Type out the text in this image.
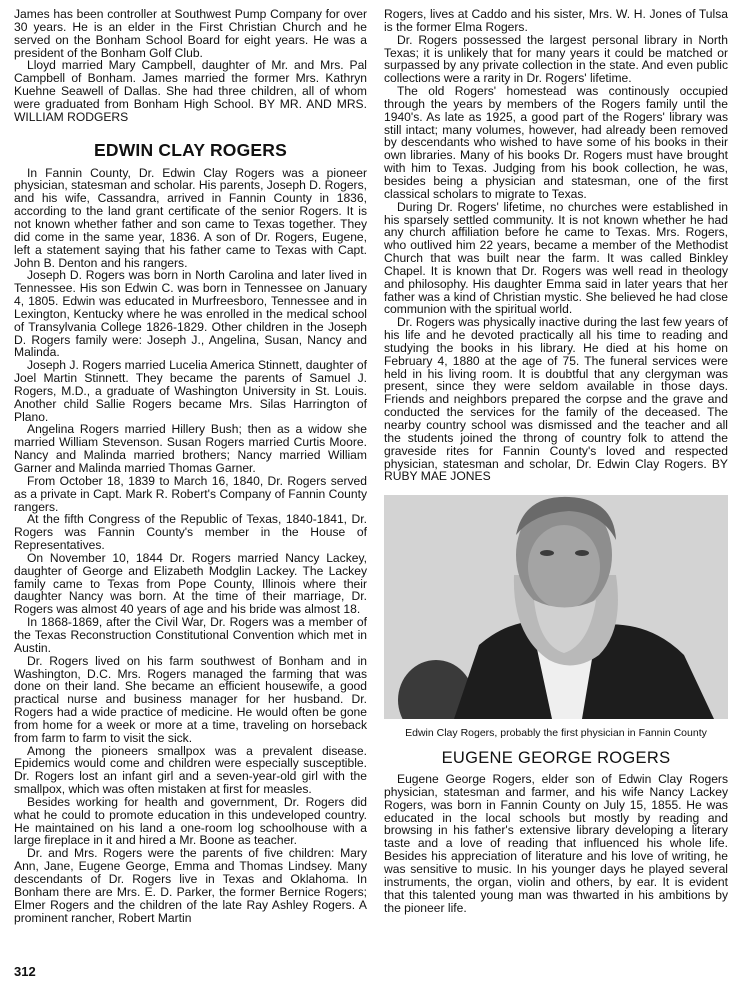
James has been controller at Southwest Pump Company for over 30 years. He is an elder in the First Christian Church and he served on the Bonham School Board for eight years. He was a president of the Bonham Golf Club.

Lloyd married Mary Campbell, daughter of Mr. and Mrs. Pal Campbell of Bonham. James married the former Mrs. Kathryn Kuehne Seawell of Dallas. She had three children, all of whom were graduated from Bonham High School. BY MR. AND MRS. WILLIAM RODGERS

EDWIN CLAY ROGERS

In Fannin County, Dr. Edwin Clay Rogers was a pioneer physician, statesman and scholar. His parents, Joseph D. Rogers, and his wife, Cassandra, arrived in Fannin County in 1836, according to the land grant certificate of the senior Rogers. It is not known whether father and son came to Texas together. They did come in the same year, 1836. A son of Dr. Rogers, Eugene, left a statement saying that his father came to Texas with Capt. John B. Denton and his rangers.

Joseph D. Rogers was born in North Carolina and later lived in Tennessee. His son Edwin C. was born in Tennessee on January 4, 1805. Edwin was educated in Murfreesboro, Tennessee and in Lexington, Kentucky where he was enrolled in the medical school of Transylvania College 1826-1829. Other children in the Joseph D. Rogers family were: Joseph J., Angelina, Susan, Nancy and Malinda.

Joseph J. Rogers married Lucelia America Stinnett, daughter of Joel Martin Stinnett. They became the parents of Samuel J. Rogers, M.D., a graduate of Washington University in St. Louis. Another child Sallie Rogers became Mrs. Silas Harrington of Plano.

Angelina Rogers married Hillery Bush; then as a widow she married William Stevenson. Susan Rogers married Curtis Moore. Nancy and Malinda married brothers; Nancy married William Garner and Malinda married Thomas Garner.

From October 18, 1839 to March 16, 1840, Dr. Rogers served as a private in Capt. Mark R. Robert's Company of Fannin County rangers.

At the fifth Congress of the Republic of Texas, 1840-1841, Dr. Rogers was Fannin County's member in the House of Representatives.

On November 10, 1844 Dr. Rogers married Nancy Lackey, daughter of George and Elizabeth Modglin Lackey. The Lackey family came to Texas from Pope County, Illinois where their daughter Nancy was born. At the time of their marriage, Dr. Rogers was almost 40 years of age and his bride was almost 18.

In 1868-1869, after the Civil War, Dr. Rogers was a member of the Texas Reconstruction Constitutional Convention which met in Austin.

Dr. Rogers lived on his farm southwest of Bonham and in Washington, D.C. Mrs. Rogers managed the farming that was done on their land. She became an efficient housewife, a good practical nurse and business manager for her husband. Dr. Rogers had a wide practice of medicine. He would often be gone from home for a week or more at a time, traveling on horseback from farm to farm to visit the sick.

Among the pioneers smallpox was a prevalent disease. Epidemics would come and children were especially susceptible. Dr. Rogers lost an infant girl and a seven-year-old girl with the smallpox, which was often mistaken at first for measles.

Besides working for health and government, Dr. Rogers did what he could to promote education in this undeveloped country. He maintained on his land a one-room log schoolhouse with a large fireplace in it and hired a Mr. Boone as teacher.

Dr. and Mrs. Rogers were the parents of five children: Mary Ann, Jane, Eugene George, Emma and Thomas Lindsey. Many descendants of Dr. Rogers live in Texas and Oklahoma. In Bonham there are Mrs. E. D. Parker, the former Bernice Rogers; Elmer Rogers and the children of the late Ray Ashley Rogers. A prominent rancher, Robert Martin

Rogers, lives at Caddo and his sister, Mrs. W. H. Jones of Tulsa is the former Elma Rogers.

Dr. Rogers possessed the largest personal library in North Texas; it is unlikely that for many years it could be matched or surpassed by any private collection in the state. And even public collections were a rarity in Dr. Rogers' lifetime.

The old Rogers' homestead was continously occupied through the years by members of the Rogers family until the 1940's. As late as 1925, a good part of the Rogers' library was still intact; many volumes, however, had already been removed by descendants who wished to have some of his books in their own libraries. Many of his books Dr. Rogers must have brought with him to Texas. Judging from his book collection, he was, besides being a physician and statesman, one of the first classical scholars to migrate to Texas.

During Dr. Rogers' lifetime, no churches were established in his sparsely settled community. It is not known whether he had any church affiliation before he came to Texas. Mrs. Rogers, who outlived him 22 years, became a member of the Methodist Church that was built near the farm. It was called Binkley Chapel. It is known that Dr. Rogers was well read in theology and philosophy. His daughter Emma said in later years that her father was a kind of Christian mystic. She believed he had close communion with the spiritual world.

Dr. Rogers was physically inactive during the last few years of his life and he devoted practically all his time to reading and studying the books in his library. He died at his home on February 4, 1880 at the age of 75. The funeral services were held in his living room. It is doubtful that any clergyman was present, since they were seldom available in those days. Friends and neighbors prepared the corpse and the grave and conducted the services for the family of the deceased. The nearby country school was dismissed and the teacher and all the students joined the throng of country folk to attend the graveside rites for Fannin County's loved and respected physician, statesman and scholar, Dr. Edwin Clay Rogers. BY RUBY MAE JONES

Edwin Clay Rogers, probably the first physician in Fannin County

EUGENE GEORGE ROGERS

Eugene George Rogers, elder son of Edwin Clay Rogers physician, statesman and farmer, and his wife Nancy Lackey Rogers, was born in Fannin County on July 15, 1855. He was educated in the local schools but mostly by reading and browsing in his father's extensive library developing a literary taste and a love of reading that influenced his whole life. Besides his appreciation of literature and his love of writing, he was sensitive to music. In his younger days he played several instruments, the organ, violin and others, by ear. It is evident that this talented young man was thwarted in his ambitions by the pioneer life.

312
